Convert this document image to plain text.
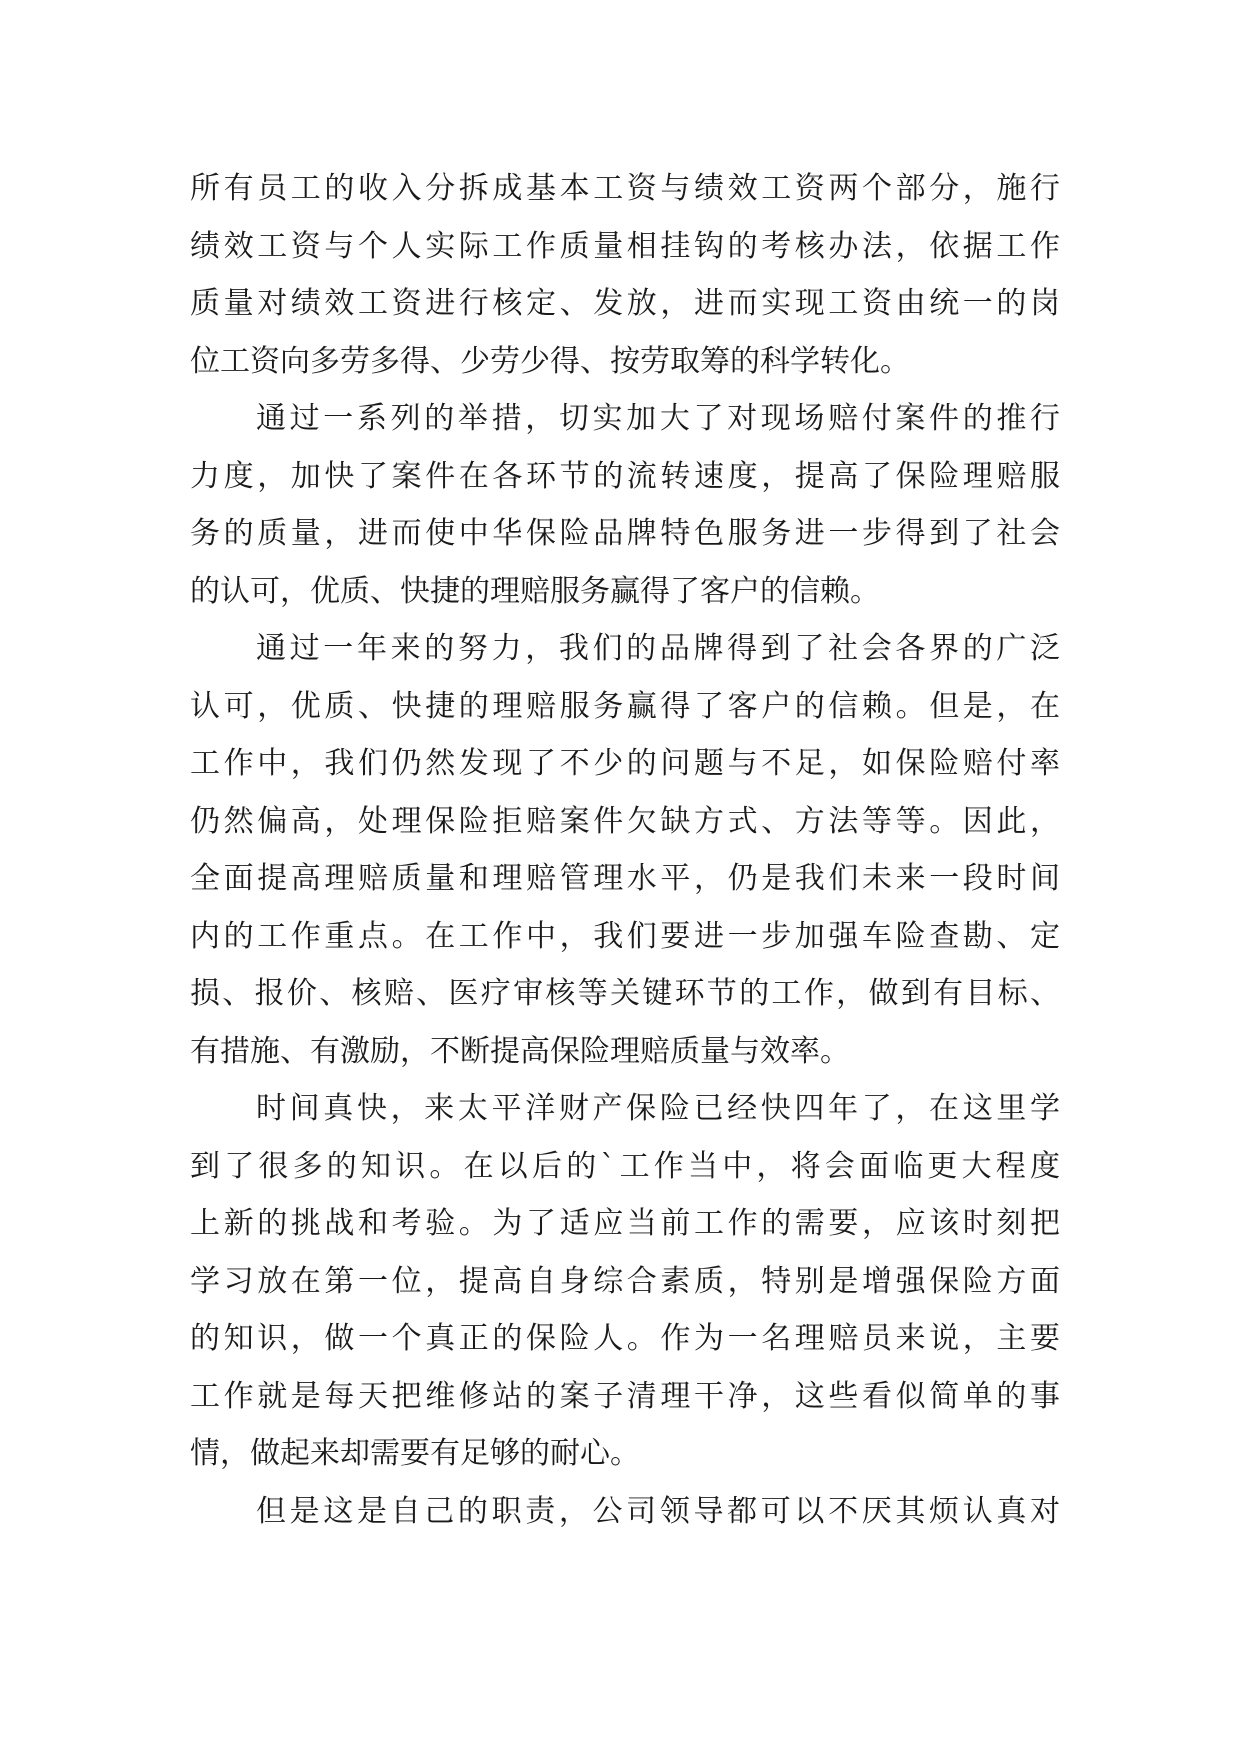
所有员工的收入分拆成基本工资与绩效工资两个部分，施行
绩效工资与个人实际工作质量相挂钩的考核办法，依据工作
质量对绩效工资进行核定、发放，进而实现工资由统一的岗
位工资向多劳多得、少劳少得、按劳取筹的科学转化。
通过一系列的举措，切实加大了对现场赔付案件的推行
力度，加快了案件在各环节的流转速度，提高了保险理赔服
务的质量，进而使中华保险品牌特色服务进一步得到了社会
的认可，优质、快捷的理赔服务赢得了客户的信赖。
通过一年来的努力，我们的品牌得到了社会各界的广泛
认可，优质、快捷的理赔服务赢得了客户的信赖。但是，在
工作中，我们仍然发现了不少的问题与不足，如保险赔付率
仍然偏高，处理保险拒赔案件欠缺方式、方法等等。因此，
全面提高理赔质量和理赔管理水平，仍是我们未来一段时间
内的工作重点。在工作中，我们要进一步加强车险查勘、定
损、报价、核赔、医疗审核等关键环节的工作，做到有目标、
有措施、有激励，不断提高保险理赔质量与效率。
时间真快，来太平洋财产保险已经快四年了，在这里学
到了很多的知识。在以后的`工作当中，将会面临更大程度
上新的挑战和考验。为了适应当前工作的需要，应该时刻把
学习放在第一位，提高自身综合素质，特别是增强保险方面
的知识，做一个真正的保险人。作为一名理赔员来说，主要
工作就是每天把维修站的案子清理干净，这些看似简单的事
情，做起来却需要有足够的耐心。
但是这是自己的职责，公司领导都可以不厌其烦认真对
